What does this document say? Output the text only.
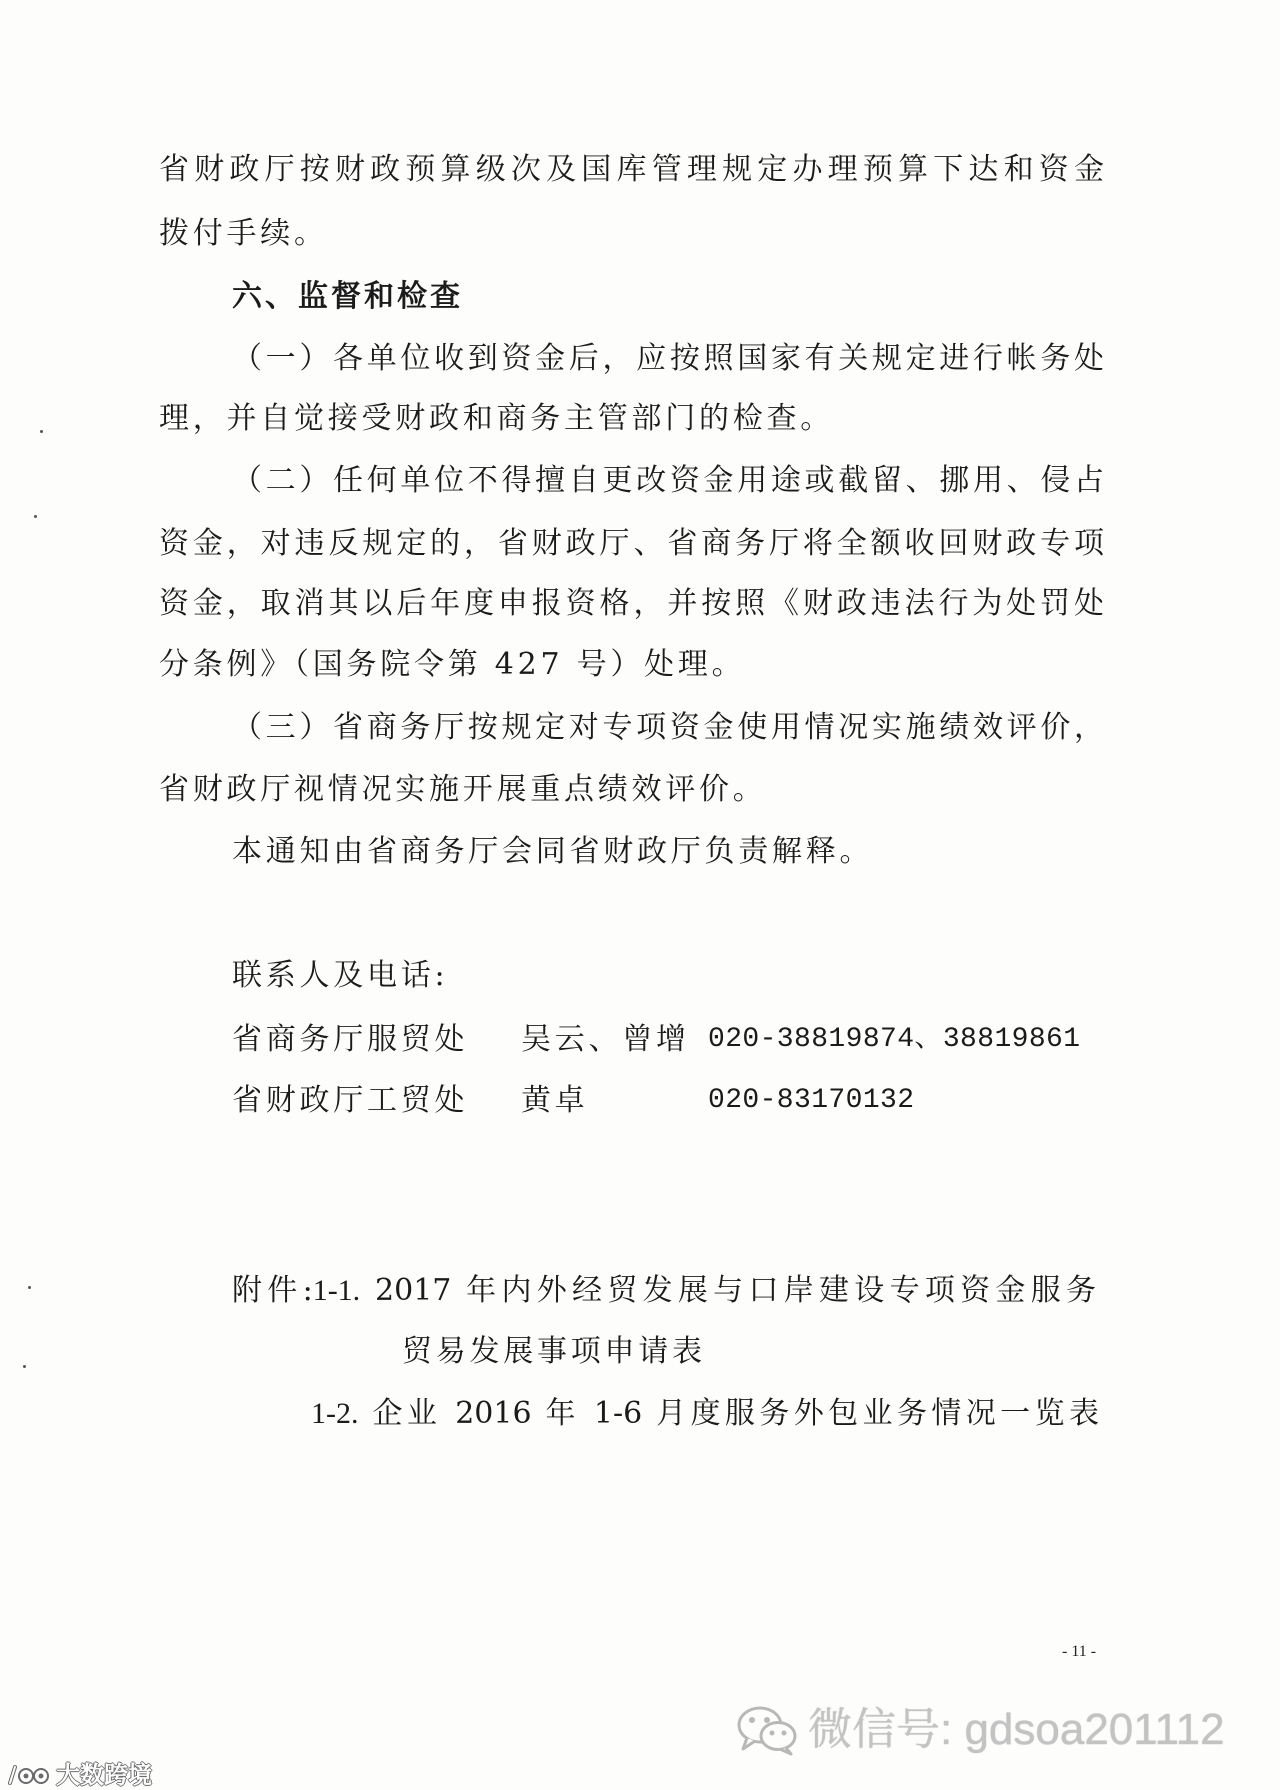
省财政厅按财政预算级次及国库管理规定办理预算下达和资金
拨付手续。
六、监督和检查
（一）各单位收到资金后，应按照国家有关规定进行帐务处
理，并自觉接受财政和商务主管部门的检查。
（二）任何单位不得擅自更改资金用途或截留、挪用、侵占
资金，对违反规定的，省财政厅、省商务厅将全额收回财政专项
资金，取消其以后年度申报资格，并按照《财政违法行为处罚处
分条例》（国务院令第 427 号）处理。
（三）省商务厅按规定对专项资金使用情况实施绩效评价，
省财政厅视情况实施开展重点绩效评价。
本通知由省商务厅会同省财政厅负责解释。
联系人及电话:
省商务厅服贸处 吴云、曾增 020-38819874、38819861
省财政厅工贸处 黄卓	020-83170132
附件:1-1. 2017 年内外经贸发展与口岸建设专项资金服务
贸易发展事项申请表
1-2. 企业 2016 年 1-6 月度服务外包业务情况一览表
- 11 -
微信号: gdsoa201112
大数跨境
